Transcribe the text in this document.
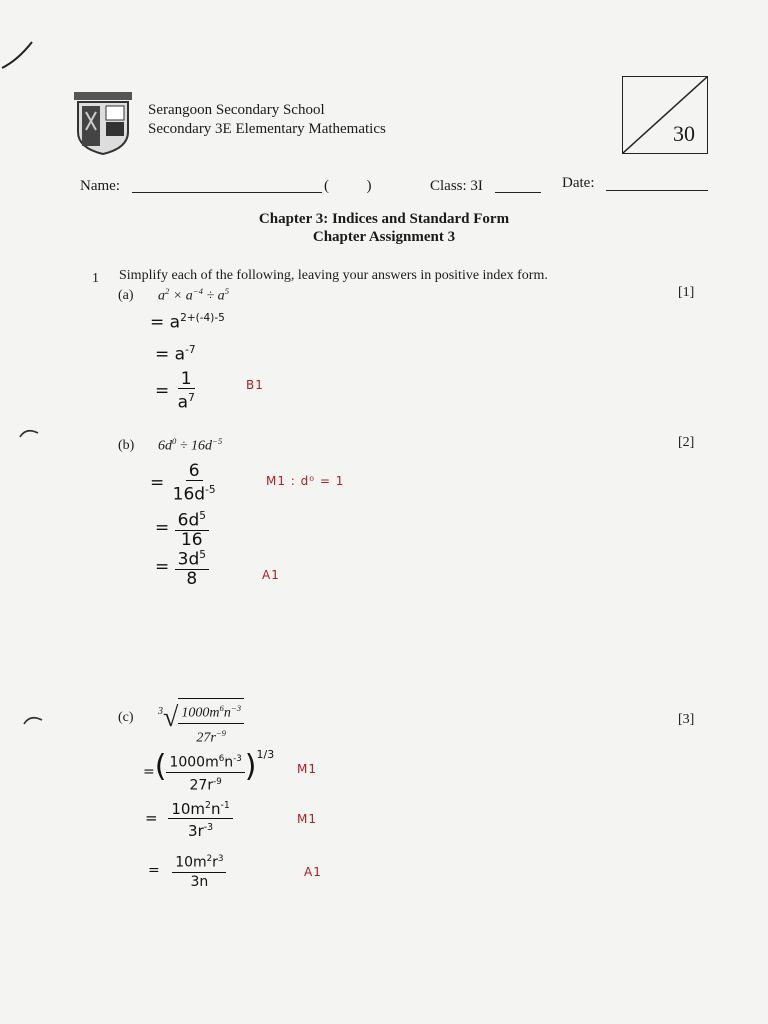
Serangoon Secondary School
Secondary 3E Elementary Mathematics	30
Name:	(          )	Class: 3I	Date:
Chapter 3: Indices and Standard Form
Chapter Assignment 3
1 Simplify each of the following, leaving your answers in positive index form.
(a) $a^2 \times a^{-4} \div a^5$	[1]
= $a^{2+(-4)-5}$
= $a^{-7}$
= $\frac{1}{a^7}$	B1
(b) $6d^0 \div 16d^{-5}$	[2]
= $\frac{6}{16d^{-5}}$	M1 : d⁰ = 1
= $\frac{6d^5}{16}$
= $\frac{3d^5}{8}$	A1
(c) $^3√ \frac{1000m^6n^{-3}}{27r^{-9}}$	[3]
=( $\frac{1000m^6n^{-3}}{27r^{-9}} )^{1/3}$
M1
= $\frac{10m^2n^{-1}}{3r^{-3}}$	M1
= $\frac{10m^2r^3}{3n}$	A1
